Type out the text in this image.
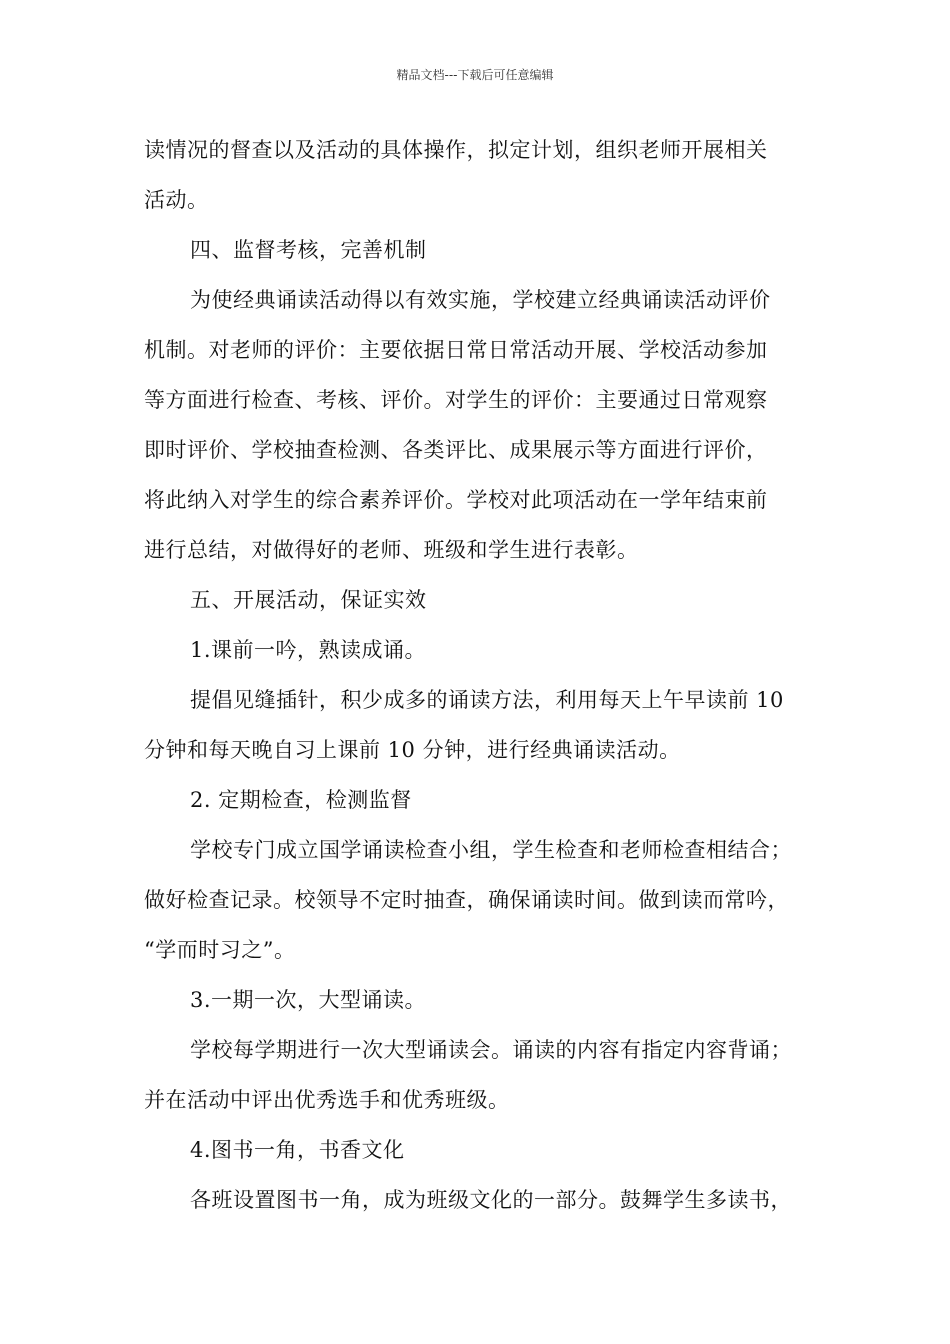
精品文档---下载后可任意编辑
读情况的督查以及活动的具体操作，拟定计划，组织老师开展相关
活动。
四、监督考核，完善机制
为使经典诵读活动得以有效实施，学校建立经典诵读活动评价
机制。对老师的评价：主要依据日常日常活动开展、学校活动参加
等方面进行检查、考核、评价。对学生的评价：主要通过日常观察
即时评价、学校抽查检测、各类评比、成果展示等方面进行评价，
将此纳入对学生的综合素养评价。学校对此项活动在一学年结束前
进行总结，对做得好的老师、班级和学生进行表彰。
五、开展活动，保证实效
1.课前一吟，熟读成诵。
提倡见缝插针，积少成多的诵读方法，利用每天上午早读前 10
分钟和每天晚自习上课前 10 分钟，进行经典诵读活动。
2. 定期检查，检测监督
学校专门成立国学诵读检查小组，学生检查和老师检查相结合；
做好检查记录。校领导不定时抽查，确保诵读时间。做到读而常吟，
“学而时习之”。
3.一期一次，大型诵读。
学校每学期进行一次大型诵读会。诵读的内容有指定内容背诵；
并在活动中评出优秀选手和优秀班级。
4.图书一角，书香文化
各班设置图书一角，成为班级文化的一部分。鼓舞学生多读书，
